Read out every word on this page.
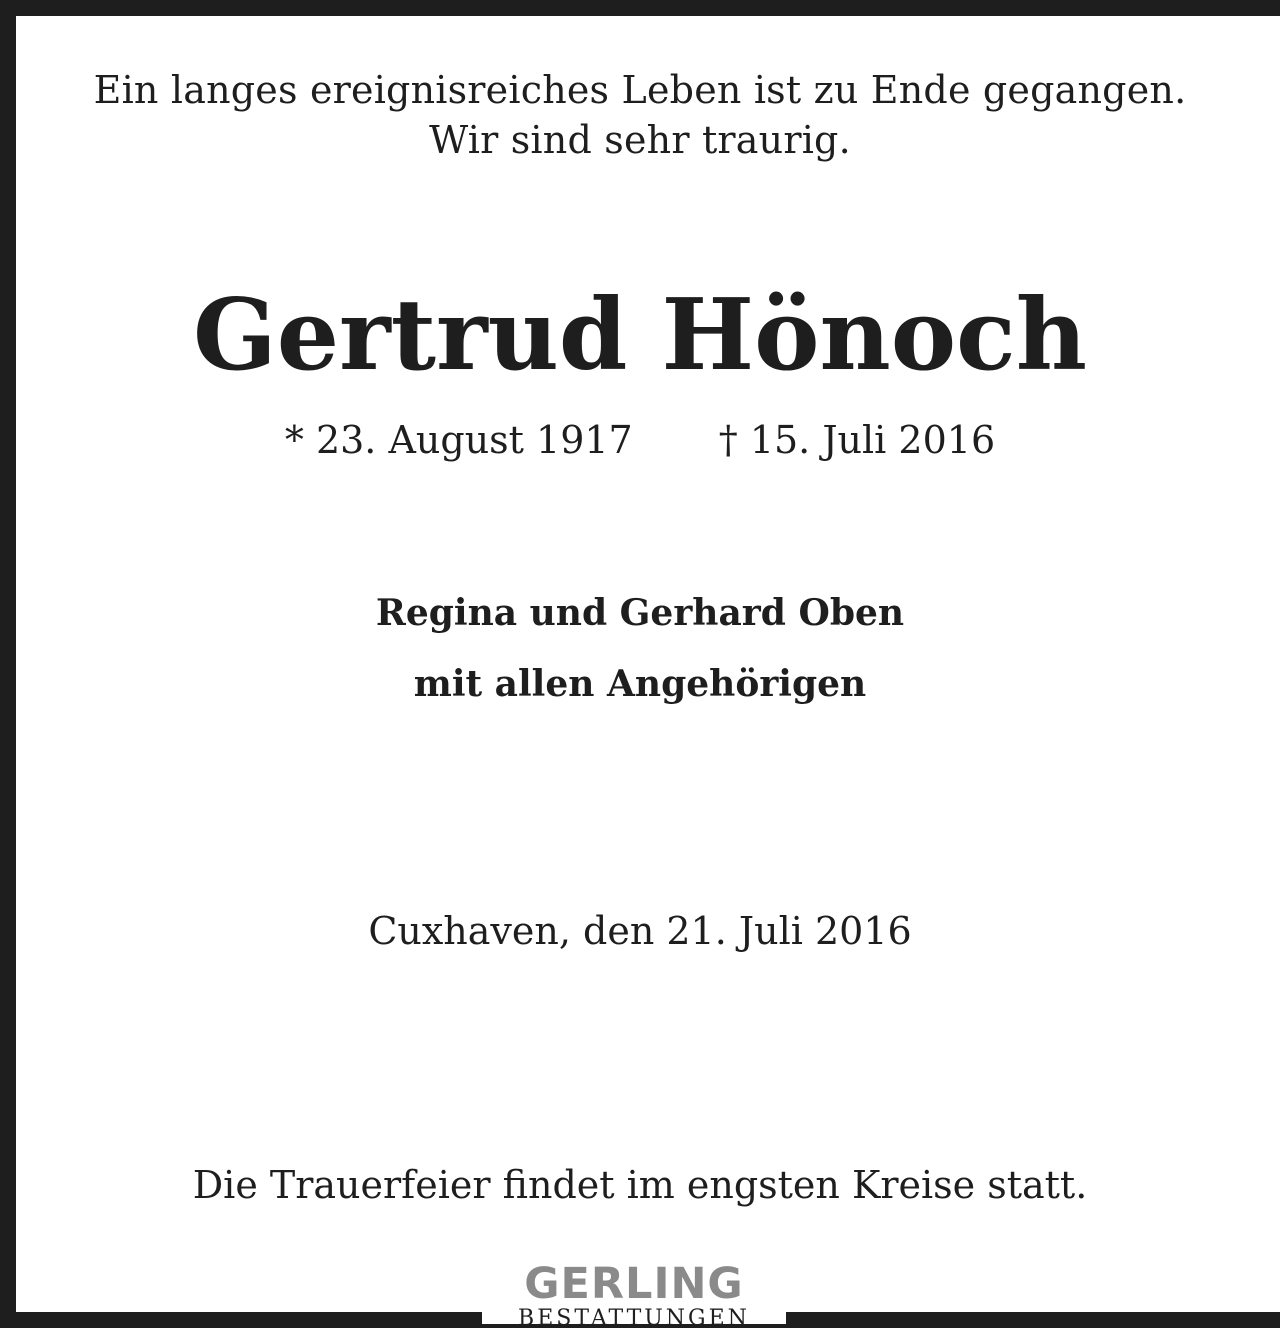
Ein langes ereignisreiches Leben ist zu Ende gegangen.
Wir sind sehr traurig.
Gertrud Hönoch
* 23. August 1917 † 15. Juli 2016
Regina und Gerhard Oben
mit allen Angehörigen
Cuxhaven, den 21. Juli 2016
Die Trauerfeier findet im engsten Kreise statt.
GERLING
BESTATTUNGEN
